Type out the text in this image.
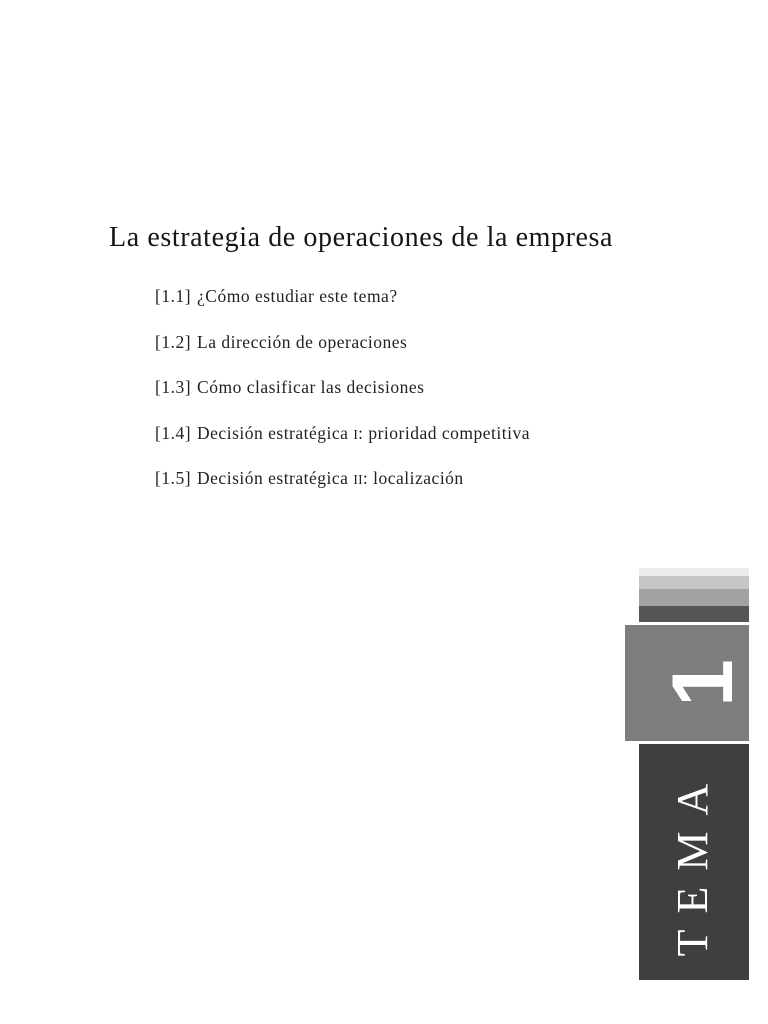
La estrategia de operaciones de la empresa
[1.1] ¿Cómo estudiar este tema?
[1.2] La dirección de operaciones
[1.3] Cómo clasificar las decisiones
[1.4] Decisión estratégica I: prioridad competitiva
[1.5] Decisión estratégica II: localización
1
TEMA
